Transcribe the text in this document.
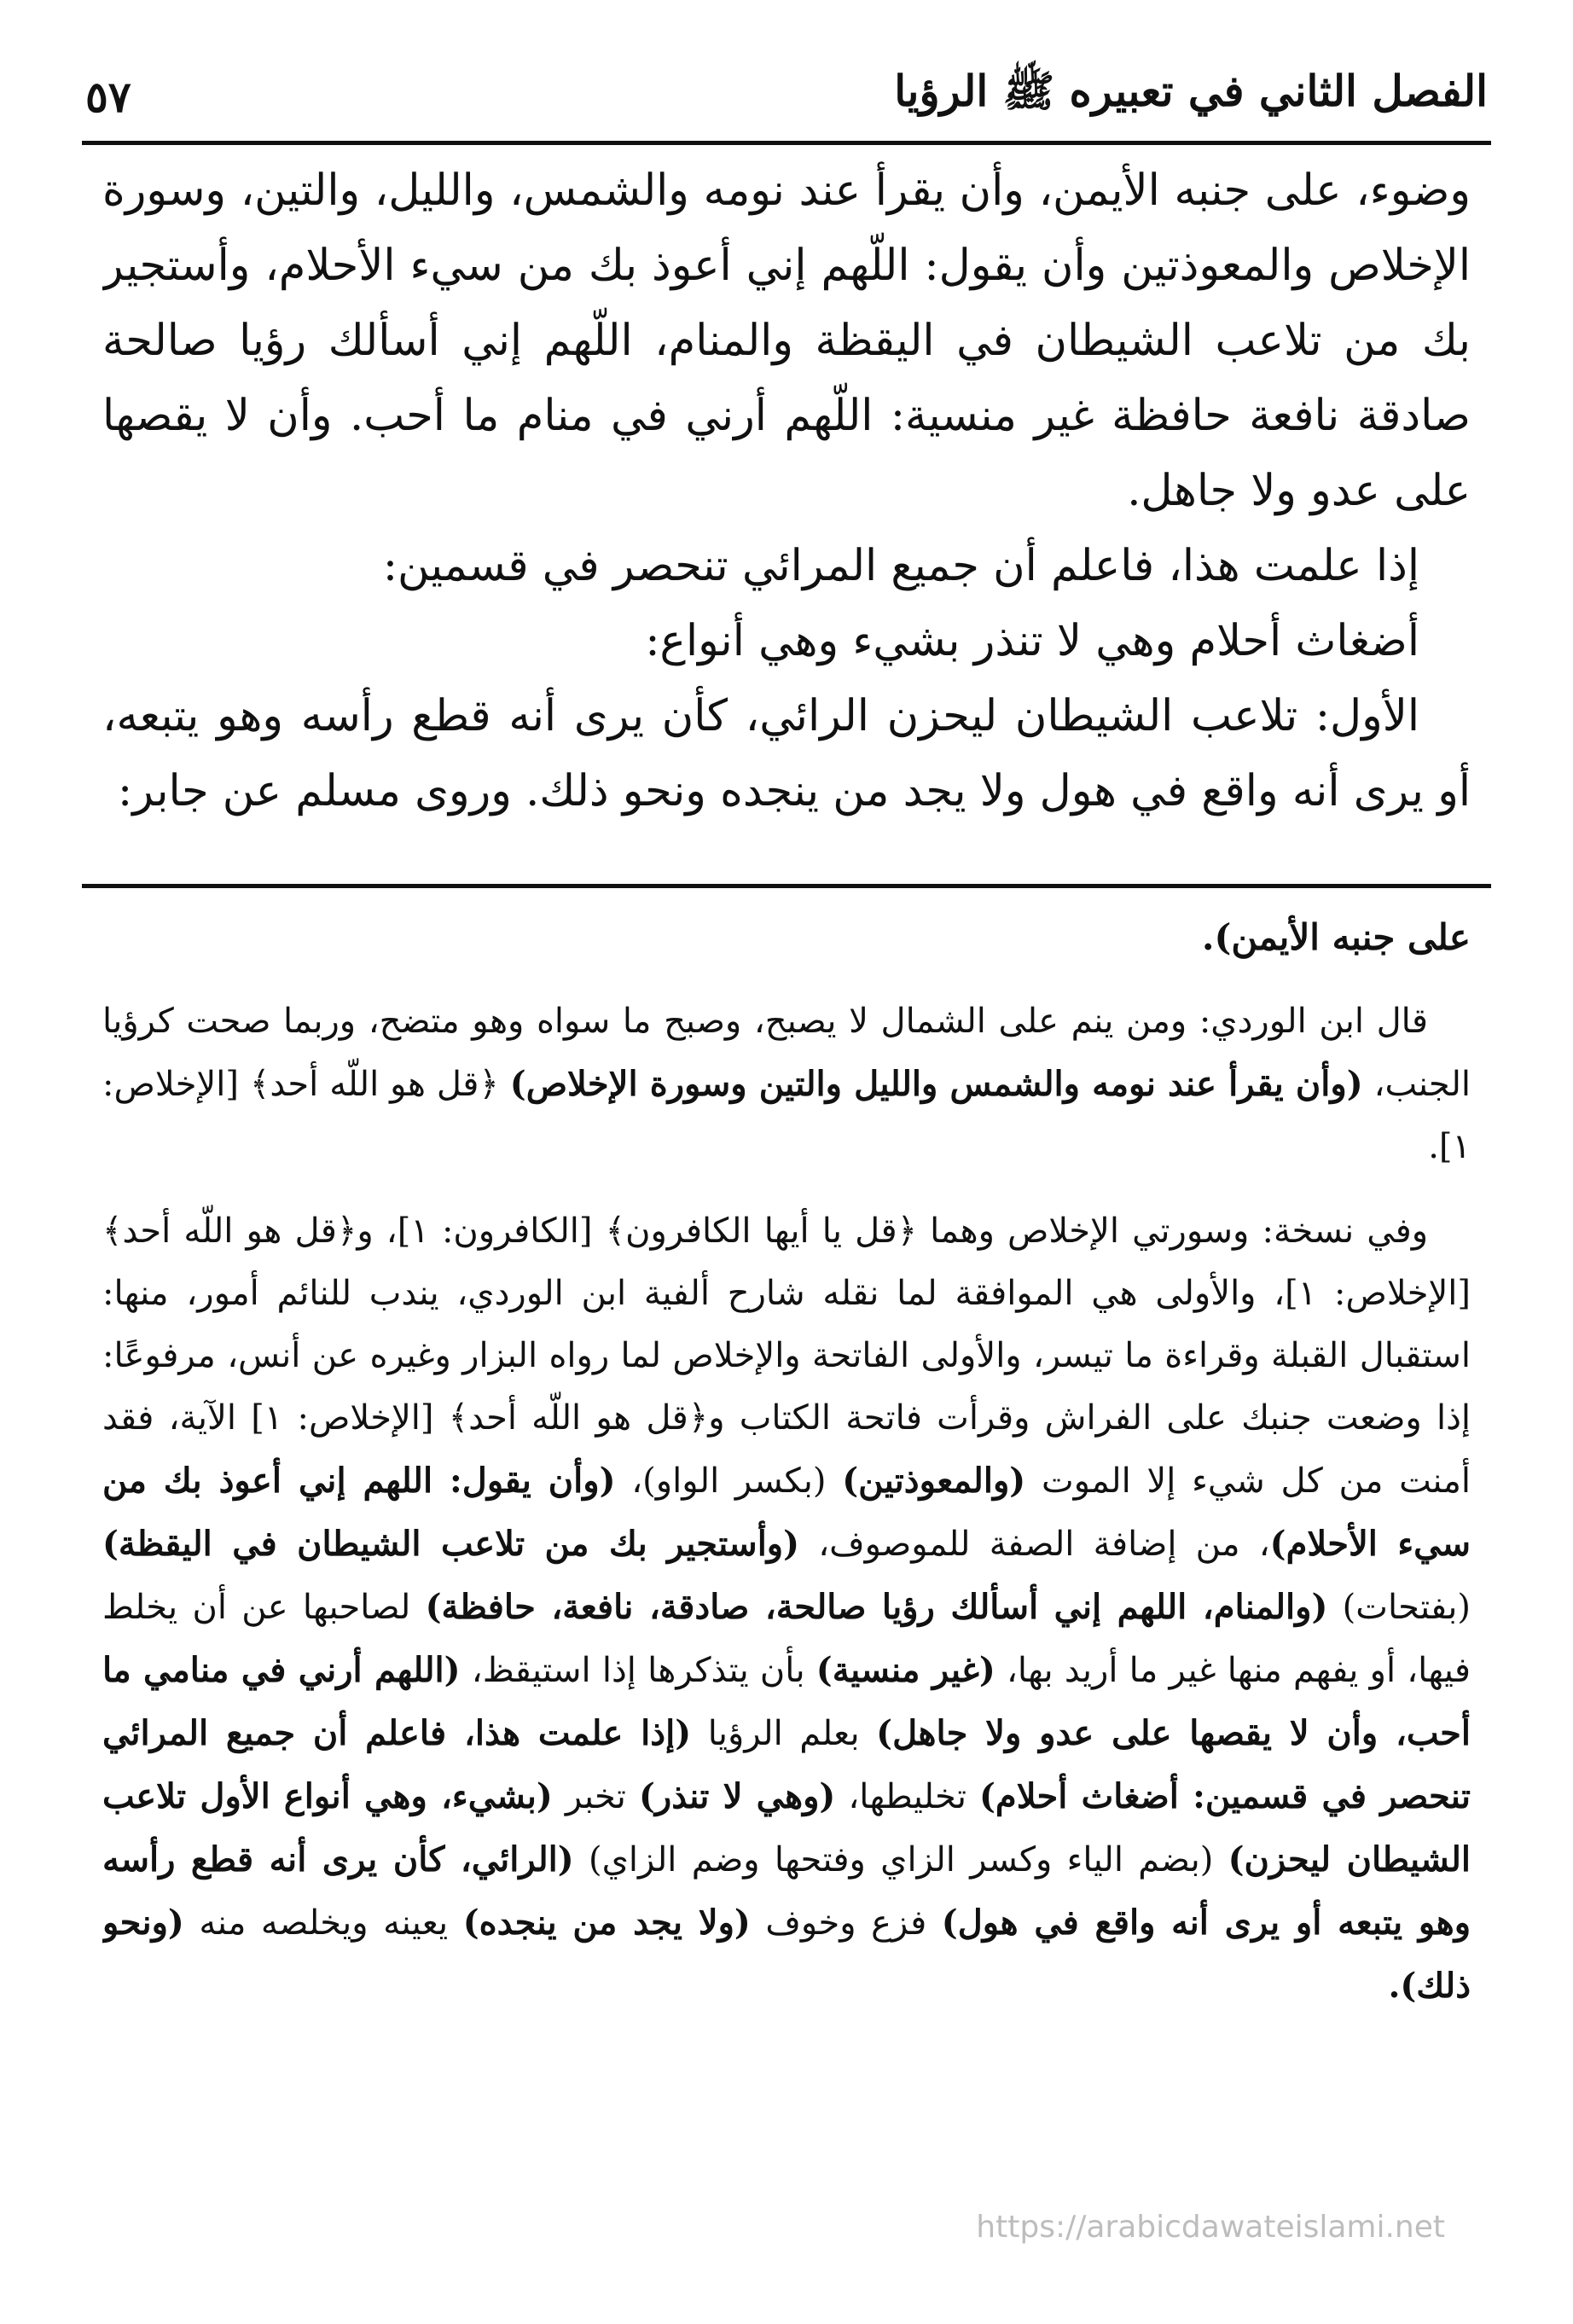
الفصل الثاني في تعبيره ﷺ الرؤيا
٥٧

وضوء، على جنبه الأيمن، وأن يقرأ عند نومه والشمس، والليل، والتين، وسورة الإخلاص والمعوذتين وأن يقول: اللّهم إني أعوذ بك من سيء الأحلام، وأستجير بك من تلاعب الشيطان في اليقظة والمنام، اللّهم إني أسألك رؤيا صالحة صادقة نافعة حافظة غير منسية: اللّهم أرني في منام ما أحب. وأن لا يقصها على عدو ولا جاهل.

إذا علمت هذا، فاعلم أن جميع المرائي تنحصر في قسمين:

أضغاث أحلام وهي لا تنذر بشيء وهي أنواع:

الأول: تلاعب الشيطان ليحزن الرائي، كأن يرى أنه قطع رأسه وهو يتبعه، أو يرى أنه واقع في هول ولا يجد من ينجده ونحو ذلك. وروى مسلم عن جابر:

على جنبه الأيمن).

قال ابن الوردي: ومن ينم على الشمال لا يصبح، وصبح ما سواه وهو متضح، وربما صحت كرؤيا الجنب، (وأن يقرأ عند نومه والشمس والليل والتين وسورة الإخلاص) ﴿قل هو اللّه أحد﴾ [الإخلاص: ١].

وفي نسخة: وسورتي الإخلاص وهما ﴿قل يا أيها الكافرون﴾ [الكافرون: ١]، و﴿قل هو اللّه أحد﴾ [الإخلاص: ١]، والأولى هي الموافقة لما نقله شارح ألفية ابن الوردي، يندب للنائم أمور، منها: استقبال القبلة وقراءة ما تيسر، والأولى الفاتحة والإخلاص لما رواه البزار وغيره عن أنس، مرفوعًا: إذا وضعت جنبك على الفراش وقرأت فاتحة الكتاب و﴿قل هو اللّه أحد﴾ [الإخلاص: ١] الآية، فقد أمنت من كل شيء إلا الموت (والمعوذتين) (بكسر الواو)، (وأن يقول: اللهم إني أعوذ بك من سيء الأحلام)، من إضافة الصفة للموصوف، (وأستجير بك من تلاعب الشيطان في اليقظة) (بفتحات) (والمنام، اللهم إني أسألك رؤيا صالحة، صادقة، نافعة، حافظة) لصاحبها عن أن يخلط فيها، أو يفهم منها غير ما أريد بها، (غير منسية) بأن يتذكرها إذا استيقظ، (اللهم أرني في منامي ما أحب، وأن لا يقصها على عدو ولا جاهل) بعلم الرؤيا (إذا علمت هذا، فاعلم أن جميع المرائي تنحصر في قسمين: أضغاث أحلام) تخليطها، (وهي لا تنذر) تخبر (بشيء، وهي أنواع الأول تلاعب الشيطان ليحزن) (بضم الياء وكسر الزاي وفتحها وضم الزاي) (الرائي، كأن يرى أنه قطع رأسه وهو يتبعه أو يرى أنه واقع في هول) فزع وخوف (ولا يجد من ينجده) يعينه ويخلصه منه (ونحو ذلك).

https://arabicdawateislami.net
